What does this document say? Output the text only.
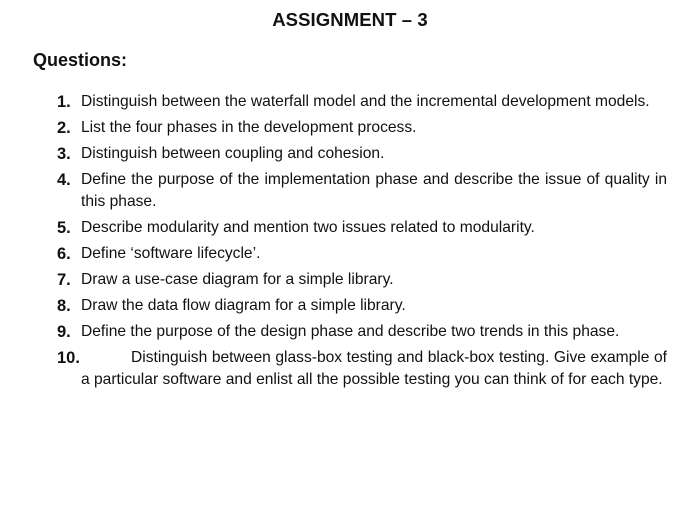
ASSIGNMENT – 3
Questions:
1. Distinguish between the waterfall model and the incremental development models.
2. List the four phases in the development process.
3. Distinguish between coupling and cohesion.
4. Define the purpose of the implementation phase and describe the issue of quality in this phase.
5. Describe modularity and mention two issues related to modularity.
6. Define ‘software lifecycle’.
7. Draw a use-case diagram for a simple library.
8. Draw the data flow diagram for a simple library.
9. Define the purpose of the design phase and describe two trends in this phase.
10.	Distinguish between glass-box testing and black-box testing. Give example of a particular software and enlist all the possible testing you can think of for each type.
